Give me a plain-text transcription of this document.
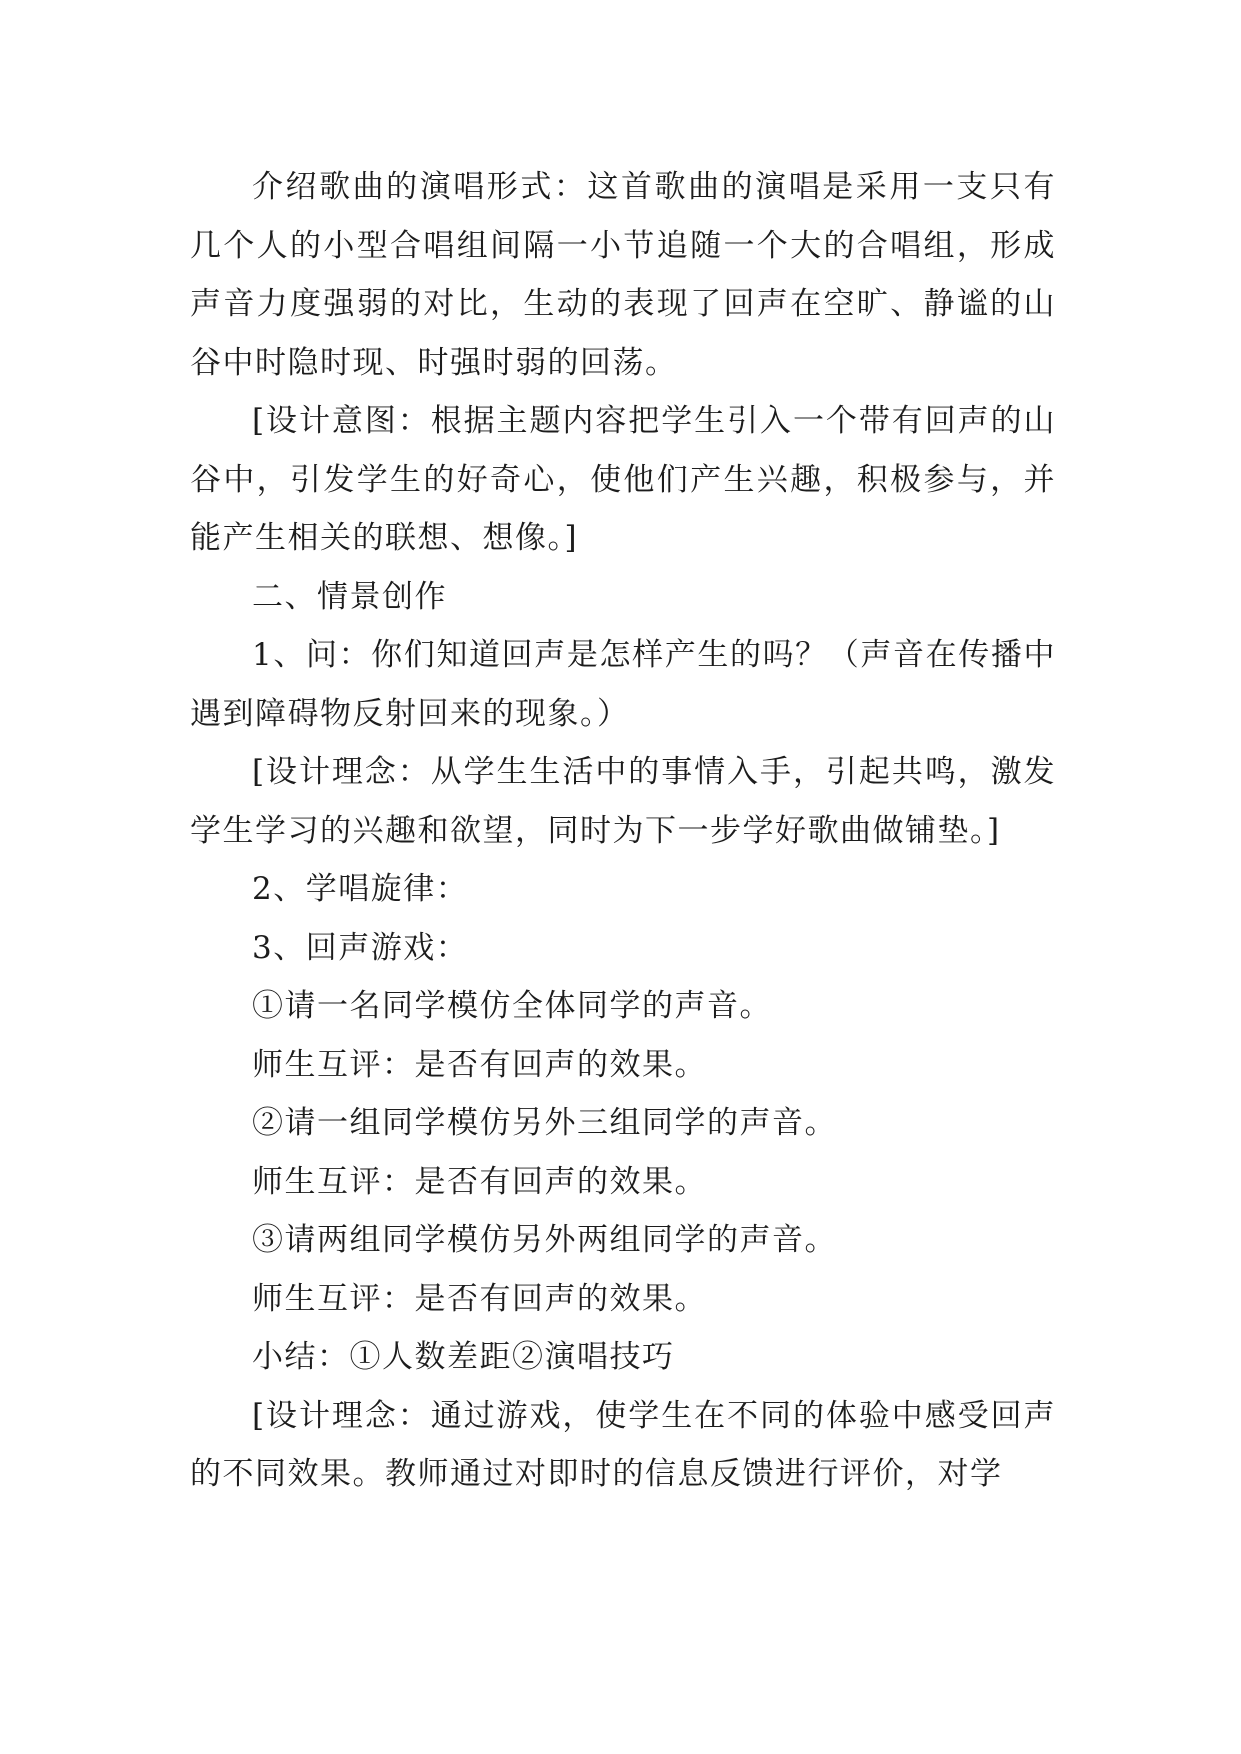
介绍歌曲的演唱形式：这首歌曲的演唱是采用一支只有几个人的小型合唱组间隔一小节追随一个大的合唱组，形成声音力度强弱的对比，生动的表现了回声在空旷、静谧的山谷中时隐时现、时强时弱的回荡。

[设计意图：根据主题内容把学生引入一个带有回声的山谷中，引发学生的好奇心，使他们产生兴趣，积极参与，并能产生相关的联想、想像。]

二、情景创作

1、问：你们知道回声是怎样产生的吗？（声音在传播中遇到障碍物反射回来的现象。）

[设计理念：从学生生活中的事情入手，引起共鸣，激发学生学习的兴趣和欲望，同时为下一步学好歌曲做铺垫。]

2、学唱旋律：

3、回声游戏：

①请一名同学模仿全体同学的声音。

师生互评：是否有回声的效果。

②请一组同学模仿另外三组同学的声音。

师生互评：是否有回声的效果。

③请两组同学模仿另外两组同学的声音。

师生互评：是否有回声的效果。

小结：①人数差距②演唱技巧

[设计理念：通过游戏，使学生在不同的体验中感受回声的不同效果。教师通过对即时的信息反馈进行评价，对学
